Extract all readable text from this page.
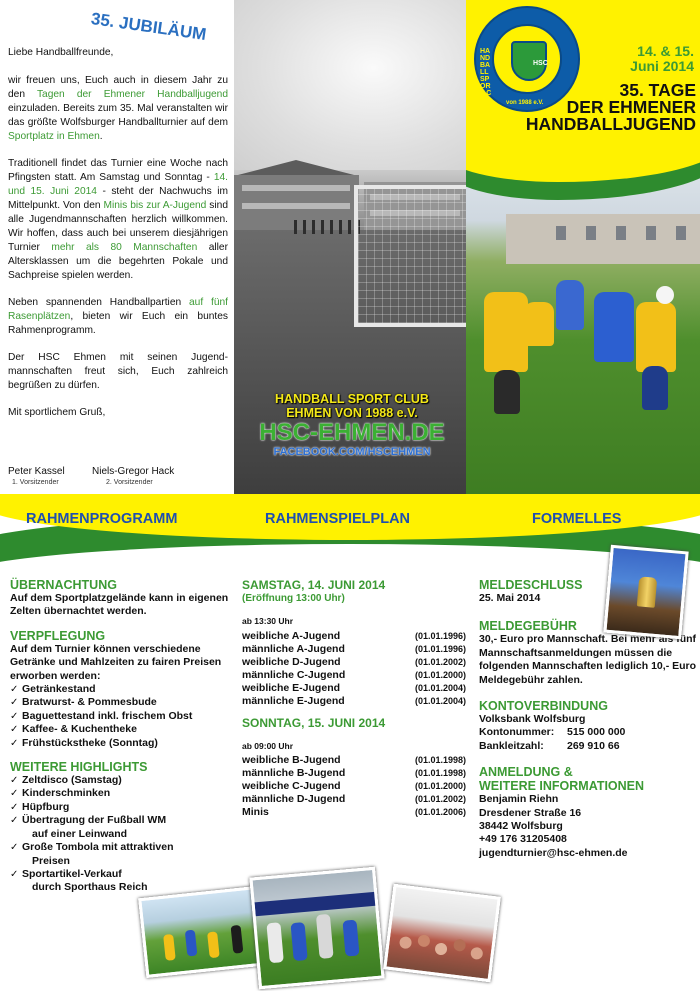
35. JUBILÄUM

Liebe Handballfreunde,

wir freuen uns, Euch auch in diesem Jahr zu den Tagen der Ehmener Handballjugend einzuladen. Bereits zum 35. Mal veranstalten wir das größte Wolfsburger Handballturnier auf dem Sportplatz in Ehmen.

Traditionell findet das Turnier eine Woche nach Pfingsten statt. Am Samstag und Sonntag - 14. und 15. Juni 2014 - steht der Nachwuchs im Mittelpunkt. Von den Minis bis zur A-Jugend sind alle Jugendmannschaften herzlich willkommen. Wir hoffen, dass auch bei unserem diesjährigen Turnier mehr als 80 Mannschaften aller Altersklassen um die begehrten Pokale und Sachpreise spielen werden.

Neben spannenden Handballpartien auf fünf Rasenplätzen, bieten wir Euch ein buntes Rahmenprogramm.

Der HSC Ehmen mit seinen Jugend-mannschaften freut sich, Euch zahlreich begrüßen zu dürfen.

Mit sportlichem Gruß,

Peter Kassel
1. Vorsitzender
Niels-Gregor Hack
2. Vorsitzender
HANDBALL SPORT CLUB
EHMEN VON 1988 e.V.
HSC-EHMEN.DE
FACEBOOK.COM/HSCEHMEN
HSC
HANDBALL SPORT CLUB EHMEN
von 1988 e.V.
14. & 15.
Juni 2014
35. TAGE
DER EHMENER
HANDBALLJUGEND
RAHMENPROGRAMM	RAHMENSPIELPLAN	FORMELLES
ÜBERNACHTUNG
Auf dem Sportplatzgelände kann in eigenen Zelten übernachtet werden.
VERPFLEGUNG
Auf dem Turnier können verschiedene Getränke und Mahlzeiten zu fairen Preisen erworben werden:
✓ Getränkestand
✓ Bratwurst- & Pommesbude
✓ Baguettestand inkl. frischem Obst
✓ Kaffee- & Kuchentheke
✓ Frühstückstheke (Sonntag)
WEITERE HIGHLIGHTS
✓ Zeltdisco (Samstag)
✓ Kinderschminken
✓ Hüpfburg
✓ Übertragung der Fußball WM
auf einer Leinwand
✓ Große Tombola mit attraktiven
Preisen
✓ Sportartikel-Verkauf
durch Sporthaus Reich
SAMSTAG, 14. JUNI 2014
(Eröffnung 13:00 Uhr)
ab 13:30 Uhr
weibliche A-Jugend	(01.01.1996)
männliche A-Jugend	(01.01.1996)
weibliche D-Jugend	(01.01.2002)
männliche C-Jugend	(01.01.2000)
weibliche E-Jugend	(01.01.2004)
männliche E-Jugend	(01.01.2004)
SONNTAG, 15. JUNI 2014
ab 09:00 Uhr
weibliche B-Jugend	(01.01.1998)
männliche B-Jugend	(01.01.1998)
weibliche C-Jugend	(01.01.2000)
männliche D-Jugend	(01.01.2002)
Minis	(01.01.2006)
MELDESCHLUSS
25. Mai 2014
MELDEGEBÜHR
30,- Euro pro Mannschaft. Bei mehr als fünf Mannschaftsanmeldungen müssen die folgenden Mannschaften lediglich 10,- Euro Meldegebühr zahlen.
KONTOVERBINDUNG
Volksbank Wolfsburg
Kontonummer:	515 000 000
Bankleitzahl:	269 910 66
ANMELDUNG &
WEITERE INFORMATIONEN
Benjamin Riehn
Dresdener Straße 16
38442 Wolfsburg
+49 176 31205408
jugendturnier@hsc-ehmen.de
